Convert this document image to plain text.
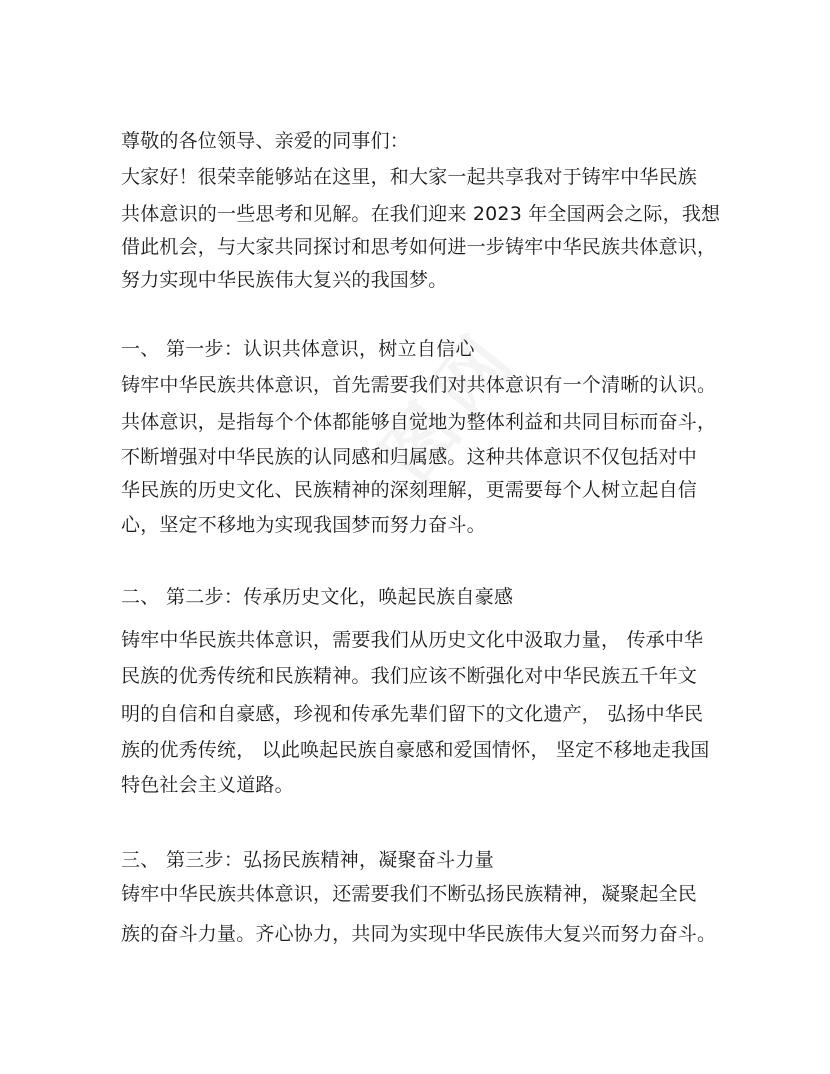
尊敬的各位领导、亲爱的同事们：
大家好！很荣幸能够站在这里，和大家一起共享我对于铸牢中华民族
共体意识的一些思考和见解。在我们迎来 2023 年全国两会之际，我想
借此机会，与大家共同探讨和思考如何进一步铸牢中华民族共体意识，
努力实现中华民族伟大复兴的我国梦。
一、 第一步：认识共体意识，树立自信心
铸牢中华民族共体意识，首先需要我们对共体意识有一个清晰的认识。
共体意识，是指每个个体都能够自觉地为整体利益和共同目标而奋斗，
不断增强对中华民族的认同感和归属感。这种共体意识不仅包括对中
华民族的历史文化、民族精神的深刻理解，更需要每个人树立起自信
心，坚定不移地为实现我国梦而努力奋斗。
二、 第二步：传承历史文化，唤起民族自豪感
铸牢中华民族共体意识，需要我们从历史文化中汲取力量， 传承中华
民族的优秀传统和民族精神。我们应该不断强化对中华民族五千年文
明的自信和自豪感，珍视和传承先辈们留下的文化遗产， 弘扬中华民
族的优秀传统， 以此唤起民族自豪感和爱国情怀， 坚定不移地走我国
特色社会主义道路。
三、 第三步：弘扬民族精神，凝聚奋斗力量
铸牢中华民族共体意识，还需要我们不断弘扬民族精神，凝聚起全民
族的奋斗力量。齐心协力，共同为实现中华民族伟大复兴而努力奋斗。
